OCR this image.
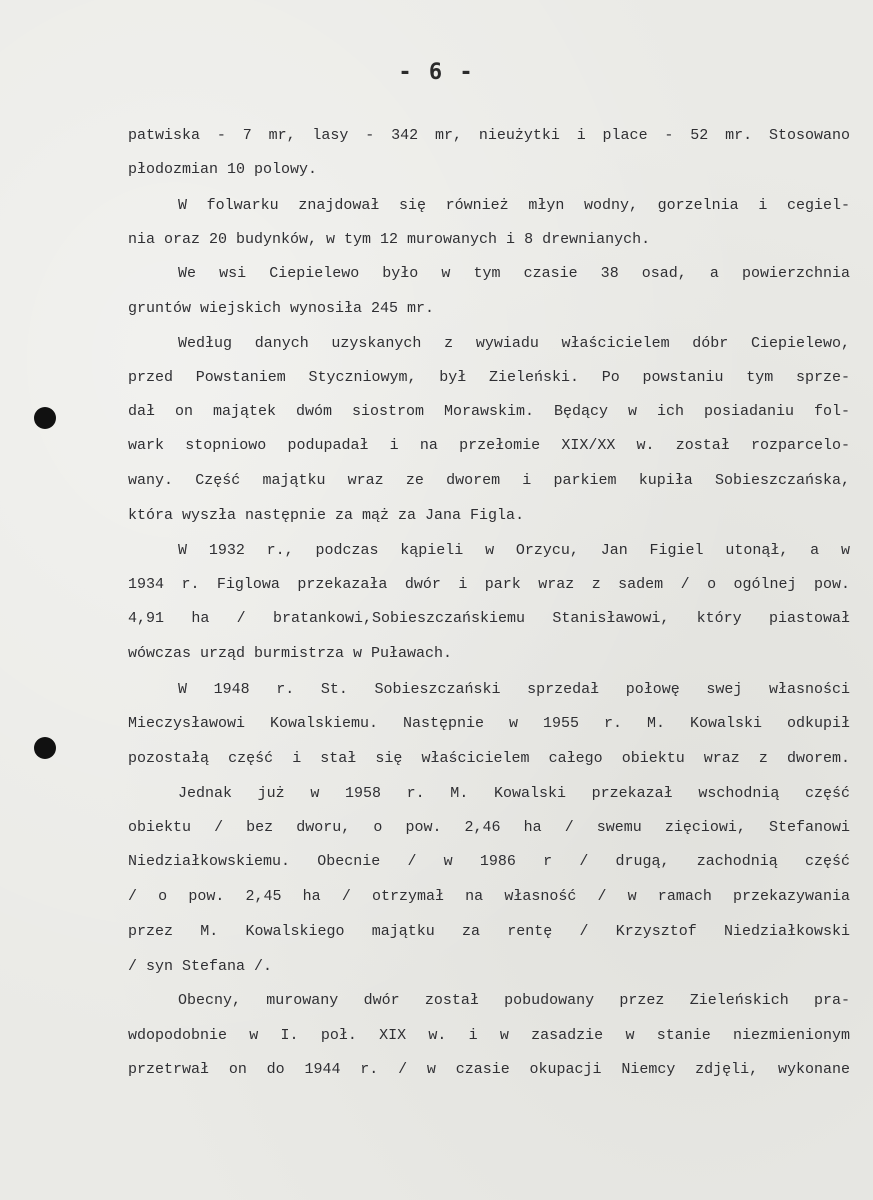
- 6 -
patwiska - 7 mr, lasy - 342 mr, nieużytki i place - 52 mr. Stosowano
płodozmian 10 polowy.
W folwarku znajdował się również młyn wodny, gorzelnia i cegiel-
nia oraz 20 budynków, w tym 12 murowanych i 8 drewnianych.
We wsi Ciepielewo było w tym czasie 38 osad, a powierzchnia
gruntów wiejskich wynosiła 245 mr.
Według danych uzyskanych z wywiadu właścicielem dóbr Ciepielewo,
przed Powstaniem Styczniowym, był Zieleński. Po powstaniu tym sprze-
dał on majątek dwóm siostrom Morawskim. Będący w ich posiadaniu fol-
wark stopniowo podupadał i na przełomie XIX/XX w. został rozparcelo-
wany. Część majątku wraz ze dworem i parkiem kupiła Sobieszczańska,
która wyszła następnie za mąż za Jana Figla.
W 1932 r., podczas kąpieli w Orzycu, Jan Figiel utonął, a w
1934 r. Figlowa przekazała dwór i park wraz z sadem / o ogólnej pow.
4,91 ha / bratankowi,Sobieszczańskiemu Stanisławowi, który piastował
wówczas urząd burmistrza w Puławach.
W 1948 r. St. Sobieszczański sprzedał połowę swej własności
Mieczysławowi Kowalskiemu. Następnie w 1955 r. M. Kowalski odkupił
pozostałą część i stał się właścicielem całego obiektu wraz z dworem.
Jednak już w 1958 r. M. Kowalski przekazał wschodnią część
obiektu / bez dworu, o pow. 2,46 ha / swemu zięciowi, Stefanowi
Niedziałkowskiemu. Obecnie / w 1986 r / drugą, zachodnią część
/ o pow. 2,45 ha / otrzymał na własność / w ramach przekazywania
przez M. Kowalskiego majątku za rentę / Krzysztof Niedziałkowski
/ syn Stefana /.
Obecny, murowany dwór został pobudowany przez Zieleńskich pra-
wdopodobnie w I. poł. XIX w. i w zasadzie w stanie niezmienionym
przetrwał on do 1944 r. / w czasie okupacji Niemcy zdjęli, wykonane
